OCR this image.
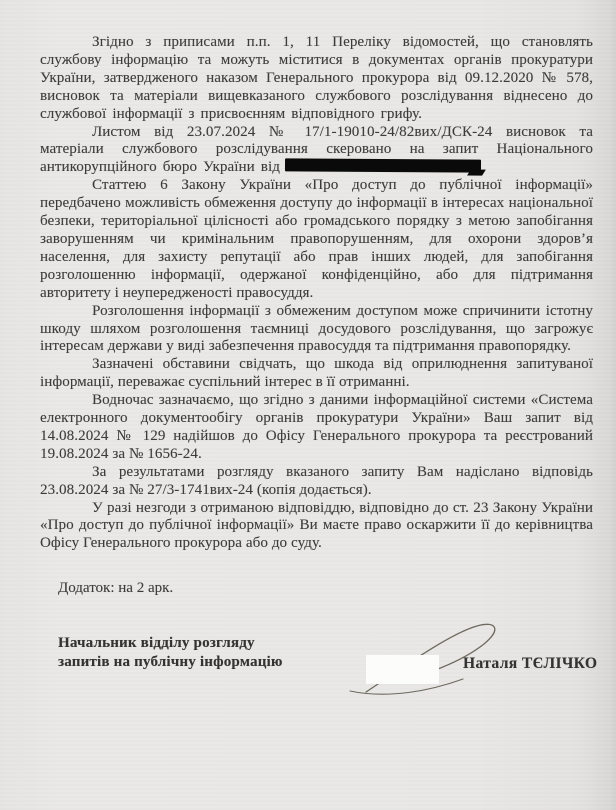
Згідно з приписами п.п. 1, 11 Переліку відомостей, що становлять службову інформацію та можуть міститися в документах органів прокуратури України, затвердженого наказом Генерального прокурора від 09.12.2020 № 578, висновок та матеріали вищевказаного службового розслідування віднесено до службової інформації з присвоєнням відповідного грифу.

Листом від 23.07.2024 № 17/1-19010-24/82вих/ДСК-24 висновок та матеріали службового розслідування скеровано на запит Національного антикорупційного бюро України від

Статтею 6 Закону України «Про доступ до публічної інформації» передбачено можливість обмеження доступу до інформації в інтересах національної безпеки, територіальної цілісності або громадського порядку з метою запобігання заворушенням чи кримінальним правопорушенням, для охорони здоров’я населення, для захисту репутації або прав інших людей, для запобігання розголошенню інформації, одержаної конфіденційно, або для підтримання авторитету і неупередженості правосуддя.

Розголошення інформації з обмеженим доступом може спричинити істотну шкоду шляхом розголошення таємниці досудового розслідування, що загрожує інтересам держави у виді забезпечення правосуддя та підтримання правопорядку.

Зазначені обставини свідчать, що шкода від оприлюднення запитуваної інформації, переважає суспільний інтерес в її отриманні.

Водночас зазначаємо, що згідно з даними інформаційної системи «Система електронного документообігу органів прокуратури України» Ваш запит від 14.08.2024 № 129 надійшов до Офісу Генерального прокурора та реєстрований 19.08.2024 за № 1656-24.

За результатами розгляду вказаного запиту Вам надіслано відповідь 23.08.2024 за № 27/3-1741вих-24 (копія додається).

У разі незгоди з отриманою відповіддю, відповідно до ст. 23 Закону України «Про доступ до публічної інформації» Ви маєте право оскаржити її до керівництва Офісу Генерального прокурора або до суду.

Додаток: на 2 арк.
Начальник відділу розгляду
запитів на публічну інформацію	Наталя ТЄЛІЧКО
